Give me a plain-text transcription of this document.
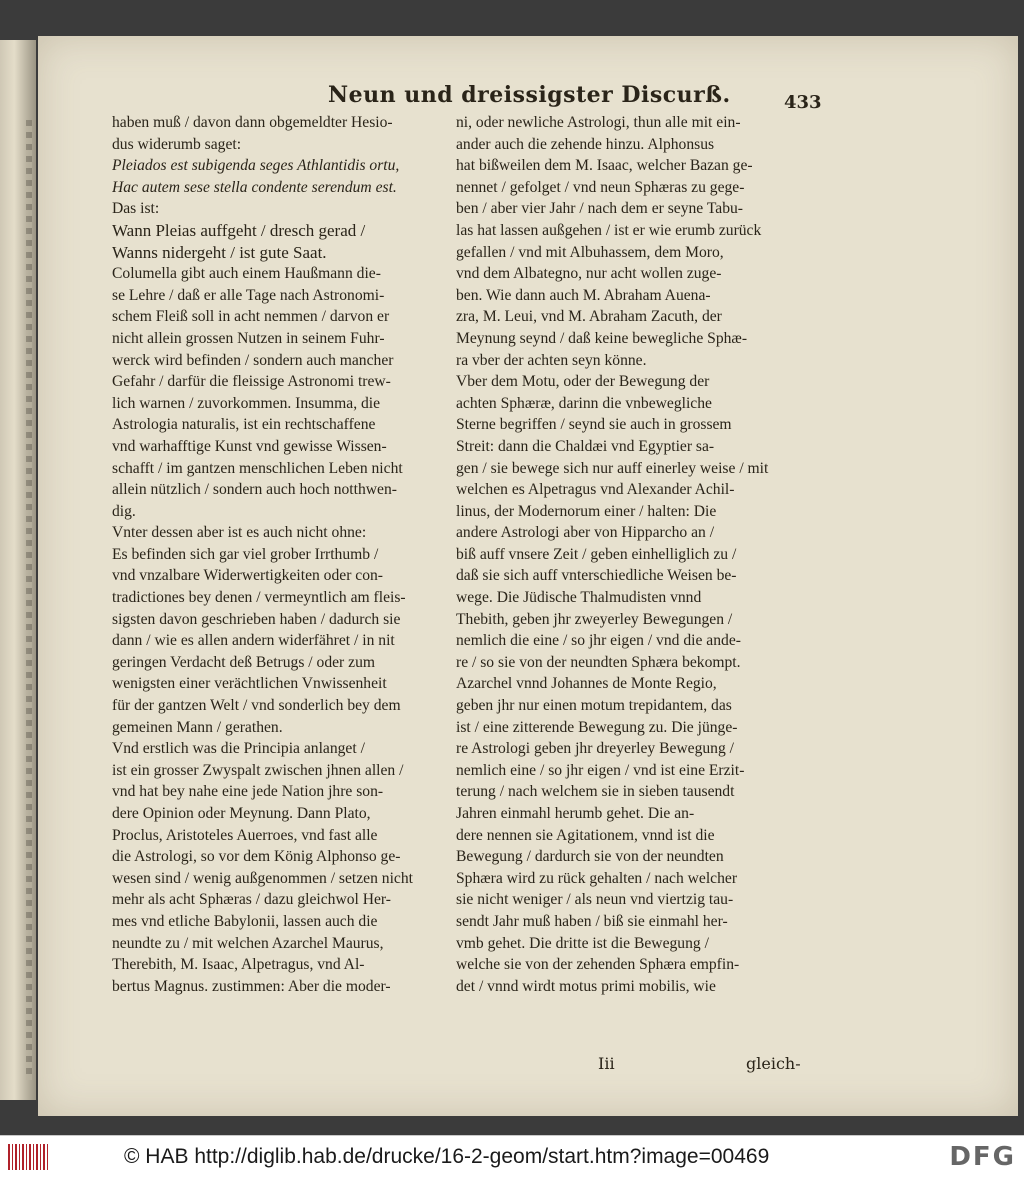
Neun und dreissigster Discurß.	433
haben muß / davon dann obgemeldter Hesio-
dus widerumb saget:
Pleiados est subigenda seges Athlantidis ortu,
Hac autem sese stella condente serendum est.
Das ist:
Wann Pleias auffgeht / dresch gerad /
Wanns nidergeht / ist gute Saat.
Columella gibt auch einem Haußmann die-
se Lehre / daß er alle Tage nach Astronomi-
schem Fleiß soll in acht nemmen / darvon er
nicht allein grossen Nutzen in seinem Fuhr-
werck wird befinden / sondern auch mancher
Gefahr / darfür die fleissige Astronomi trew-
lich warnen / zuvorkommen. Insumma, die
Astrologia naturalis, ist ein rechtschaffene
vnd warhafftige Kunst vnd gewisse Wissen-
schafft / im gantzen menschlichen Leben nicht
allein nützlich / sondern auch hoch notthwen-
dig.
Vnter dessen aber ist es auch nicht ohne:
Es befinden sich gar viel grober Irrthumb /
vnd vnzalbare Widerwertigkeiten oder con-
tradictiones bey denen / vermeyntlich am fleis-
sigsten davon geschrieben haben / dadurch sie
dann / wie es allen andern widerfähret / in nit
geringen Verdacht deß Betrugs / oder zum
wenigsten einer verächtlichen Vnwissenheit
für der gantzen Welt / vnd sonderlich bey dem
gemeinen Mann / gerathen.
Vnd erstlich was die Principia anlanget /
ist ein grosser Zwyspalt zwischen jhnen allen /
vnd hat bey nahe eine jede Nation jhre son-
dere Opinion oder Meynung. Dann Plato,
Proclus, Aristoteles Auerroes, vnd fast alle
die Astrologi, so vor dem König Alphonso ge-
wesen sind / wenig außgenommen / setzen nicht
mehr als acht Sphæras / dazu gleichwol Her-
mes vnd etliche Babylonii, lassen auch die
neundte zu / mit welchen Azarchel Maurus,
Therebith, M. Isaac, Alpetragus, vnd Al-
bertus Magnus. zustimmen: Aber die moder-
ni, oder newliche Astrologi, thun alle mit ein-
ander auch die zehende hinzu. Alphonsus
hat bißweilen dem M. Isaac, welcher Bazan ge-
nennet / gefolget / vnd neun Sphæras zu gege-
ben / aber vier Jahr / nach dem er seyne Tabu-
las hat lassen außgehen / ist er wie erumb zurück
gefallen / vnd mit Albuhassem, dem Moro,
vnd dem Albategno, nur acht wollen zuge-
ben. Wie dann auch M. Abraham Auena-
zra, M. Leui, vnd M. Abraham Zacuth, der
Meynung seynd / daß keine bewegliche Sphæ-
ra vber der achten seyn könne.
Vber dem Motu, oder der Bewegung der
achten Sphæræ, darinn die vnbewegliche
Sterne begriffen / seynd sie auch in grossem
Streit: dann die Chaldæi vnd Egyptier sa-
gen / sie bewege sich nur auff einerley weise / mit
welchen es Alpetragus vnd Alexander Achil-
linus, der Modernorum einer / halten: Die
andere Astrologi aber von Hipparcho an /
biß auff vnsere Zeit / geben einhelliglich zu /
daß sie sich auff vnterschiedliche Weisen be-
wege. Die Jüdische Thalmudisten vnnd
Thebith, geben jhr zweyerley Bewegungen /
nemlich die eine / so jhr eigen / vnd die ande-
re / so sie von der neundten Sphæra bekompt.
Azarchel vnnd Johannes de Monte Regio,
geben jhr nur einen motum trepidantem, das
ist / eine zitterende Bewegung zu. Die jünge-
re Astrologi geben jhr dreyerley Bewegung /
nemlich eine / so jhr eigen / vnd ist eine Erzit-
terung / nach welchem sie in sieben tausendt
Jahren einmahl herumb gehet. Die an-
dere nennen sie Agitationem, vnnd ist die
Bewegung / dardurch sie von der neundten
Sphæra wird zu rück gehalten / nach welcher
sie nicht weniger / als neun vnd viertzig tau-
sendt Jahr muß haben / biß sie einmahl her-
vmb gehet. Die dritte ist die Bewegung /
welche sie von der zehenden Sphæra empfin-
det / vnnd wirdt motus primi mobilis, wie
Iii	gleich-
© HAB http://diglib.hab.de/drucke/16-2-geom/start.htm?image=00469	DFG
